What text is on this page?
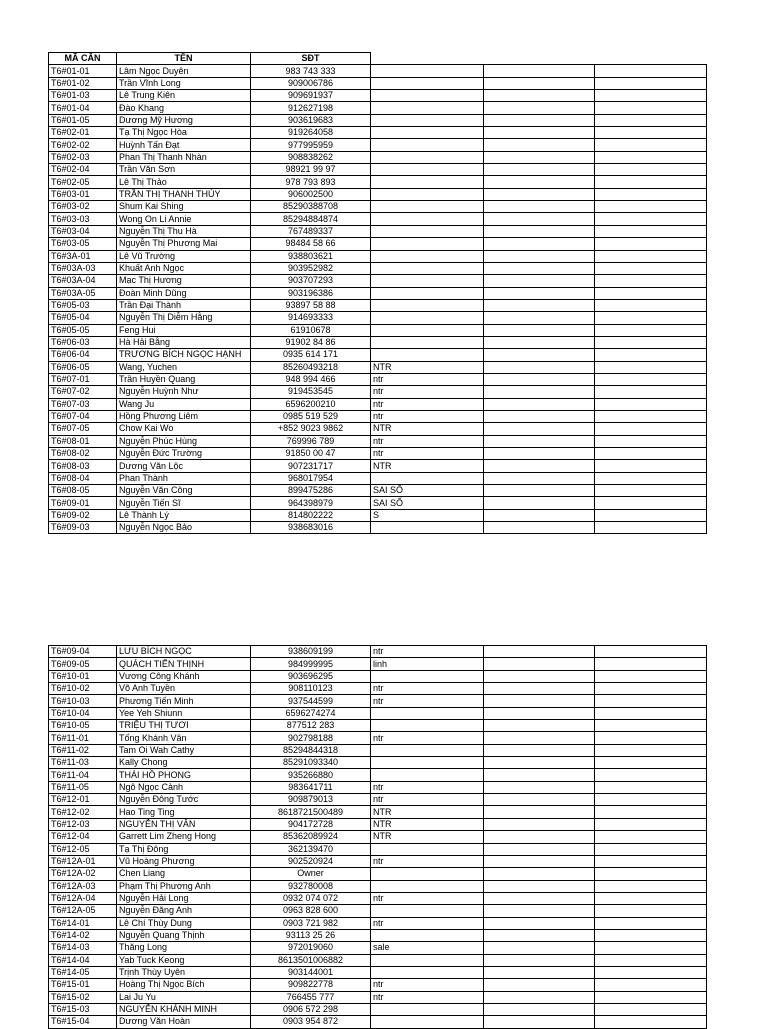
MÃ CĂN	TÊN	SĐT			
T6#01-01	Lâm Ngọc Duyên	983 743 333			
T6#01-02	Trần Vĩnh Long	909006786			
T6#01-03	Lê Trung Kiên	909691937			
T6#01-04	Đào Khang	912627198			
T6#01-05	Dương Mỹ Hương	903619683			
T6#02-01	Tạ Thị Ngọc Hòa	919264058			
T6#02-02	Huỳnh Tấn Đạt	977995959			
T6#02-03	Phan Thị Thanh Nhàn	908838262			
T6#02-04	Trần Văn Sơn	98921 99 97			
T6#02-05	Lê Thị Thảo	978 793 893			
T6#03-01	TRẦN THỊ THANH THỦY	906002500			
T6#03-02	Shum Kai Shing	85290388708			
T6#03-03	Wong On Li Annie	85294884874			
T6#03-04	Nguyễn Thị Thu Hà	767489337			
T6#03-05	Nguyễn Thị Phương Mai	98484 58 66			
T6#3A-01	Lê Vũ Trường	938803621			
T6#03A-03	Khuất Anh Ngọc	903952982			
T6#03A-04	Mạc Thị Hương	903707293			
T6#03A-05	Đoàn Minh Dũng	903196386			
T6#05-03	Trần Đại Thành	93897 58 88			
T6#05-04	Nguyễn Thị Diễm Hằng	914693333			
T6#05-05	Feng Hui	61910678			
T6#06-03	Hà Hải Bằng	91902 84 86			
T6#06-04	TRƯƠNG BÍCH NGỌC HẠNH	0935 614 171			
T6#06-05	Wang, Yuchen	85260493218	NTR		
T6#07-01	Trần Huyền Quang	948 994 466	ntr		
T6#07-02	Nguyễn Huỳnh Như	919453545	ntr		
T6#07-03	Wang Ju	6596200210	ntr		
T6#07-04	Hồng Phương Liêm	0985 519 529	ntr		
T6#07-05	Chow Kai Wo	+852 9023 9862	NTR		
T6#08-01	Nguyễn Phúc Hùng	769996 789	ntr		
T6#08-02	Nguyễn Đức Trường	91850 00 47	ntr		
T6#08-03	Dương Văn Lộc	907231717	NTR		
T6#08-04	Phan Thành	968017954			
T6#08-05	Nguyễn Văn Công	899475286	SAI SỐ		
T6#09-01	Nguyễn Tiến Sĩ	964398979	SAI SỐ		
T6#09-02	Lê Thành Lý	814802222	S		
T6#09-03	Nguyễn Ngọc Bảo	938683016			
T6#09-04	LƯU BÍCH NGỌC	938609199	ntr		
T6#09-05	QUÁCH TIẾN THỊNH	984999995	linh		
T6#10-01	Vương Công Khánh	903696295			
T6#10-02	Võ Anh Tuyền	908110123	ntr		
T6#10-03	Phương Tiến Minh	937544599	ntr		
T6#10-04	Yee Yeh Shiunn	6596274274			
T6#10-05	TRIỆU THỊ TƯƠI	877512 283			
T6#11-01	Tống Khánh Vân	902798188	ntr		
T6#11-02	Tam Oi Wah Cathy	85294844318			
T6#11-03	Kally Chong	85291093340			
T6#11-04	THÁI HỒ PHONG	935266880			
T6#11-05	Ngô Ngọc Cảnh	983641711	ntr		
T6#12-01	Nguyễn Đông Tước	909879013	ntr		
T6#12-02	Hao Ting Ting	8618721500489	NTR		
T6#12-03	NGUYỄN THỊ VÂN	904172728	NTR		
T6#12-04	Garrett Lim Zheng Hong	85362089924	NTR		
T6#12-05	Tạ Thị Đông	362139470			
T6#12A-01	Vũ Hoàng Phương	902520924	ntr		
T6#12A-02	Chen Liang	Owner			
T6#12A-03	Phạm Thị Phương Anh	932780008			
T6#12A-04	Nguyễn Hải Long	0932 074 072	ntr		
T6#12A-05	Nguyễn Đăng Anh	0963 828 600			
T6#14-01	Lê Chí Thùy Dung	0903 721 982	ntr		
T6#14-02	Nguyễn Quang Thịnh	93113 25 26			
T6#14-03	Thăng Long	972019060	sale		
T6#14-04	Yab Tuck Keong	8613501006882			
T6#14-05	Trịnh Thùy Uyên	903144001			
T6#15-01	Hoàng Thị Ngọc Bích	909822778	ntr		
T6#15-02	Lai Ju Yu	766455 777	ntr		
T6#15-03	NGUYỄN KHÁNH MINH	0906 572 298			
T6#15-04	Dương Văn Hoàn	0903 954 872			
